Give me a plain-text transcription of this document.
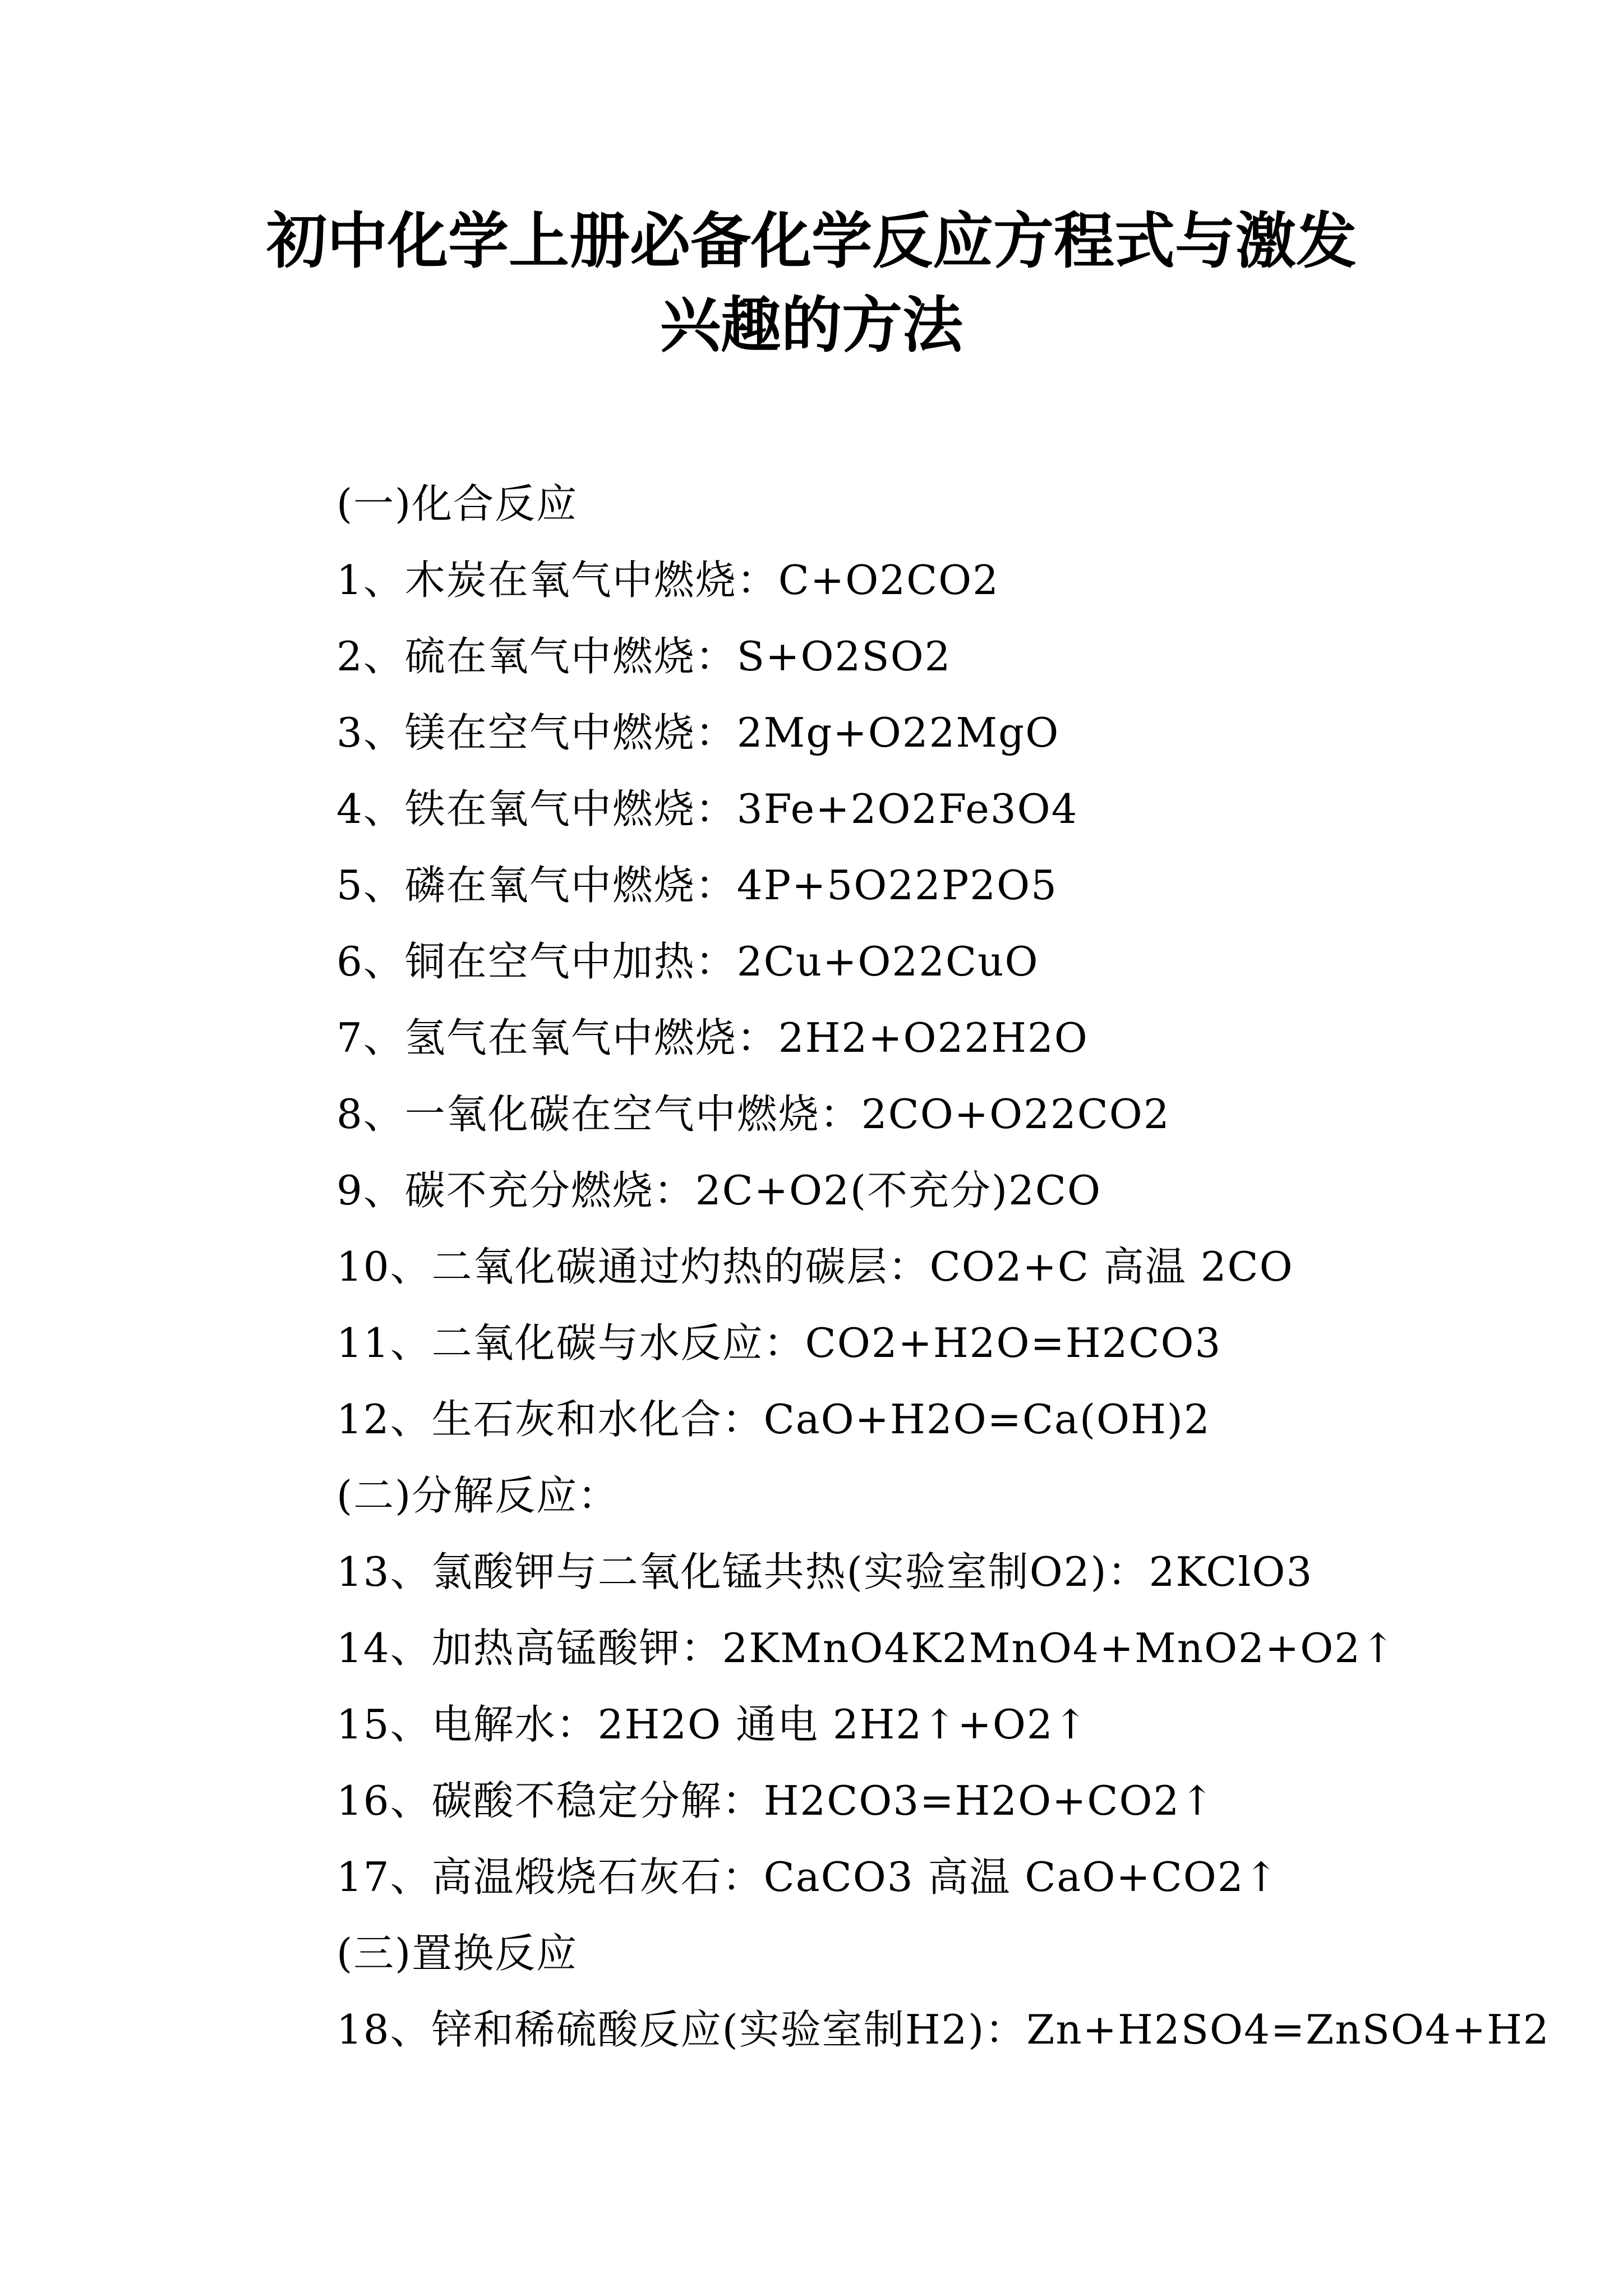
初中化学上册必备化学反应方程式与激发
兴趣的方法
(一)化合反应
1、木炭在氧气中燃烧：C+O2CO2
2、硫在氧气中燃烧：S+O2SO2
3、镁在空气中燃烧：2Mg+O22MgO
4、铁在氧气中燃烧：3Fe+2O2Fe3O4
5、磷在氧气中燃烧：4P+5O22P2O5
6、铜在空气中加热：2Cu+O22CuO
7、氢气在氧气中燃烧：2H2+O22H2O
8、一氧化碳在空气中燃烧：2CO+O22CO2
9、碳不充分燃烧：2C+O2(不充分)2CO
10、二氧化碳通过灼热的碳层：CO2+C 高温 2CO
11、二氧化碳与水反应：CO2+H2O=H2CO3
12、生石灰和水化合：CaO+H2O=Ca(OH)2
(二)分解反应：
13、氯酸钾与二氧化锰共热(实验室制O2)：2KClO3
14、加热高锰酸钾：2KMnO4K2MnO4+MnO2+O2↑
15、电解水：2H2O 通电 2H2↑+O2↑
16、碳酸不稳定分解：H2CO3=H2O+CO2↑
17、高温煅烧石灰石：CaCO3 高温 CaO+CO2↑
(三)置换反应
18、锌和稀硫酸反应(实验室制H2)：Zn+H2SO4=ZnSO4+H2
